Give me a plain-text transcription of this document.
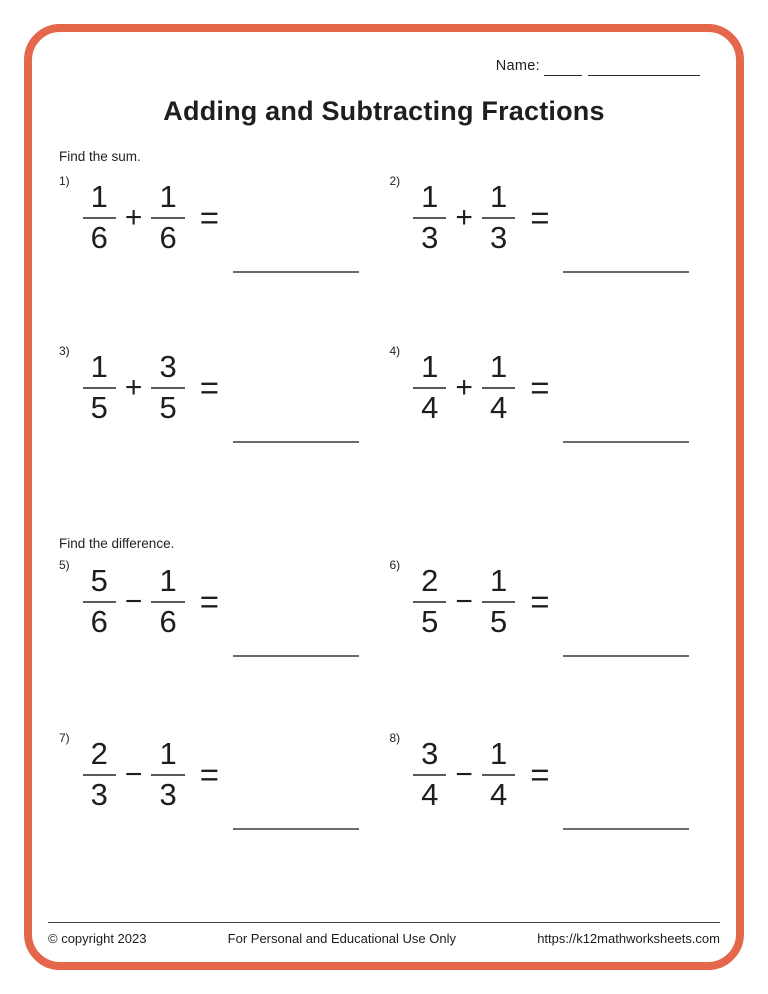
Name:
Adding and Subtracting Fractions
Find the sum.
1)
$\frac{1}{6} + \frac{1}{6}$ =
2)
$\frac{1}{3} + \frac{1}{3}$ =
3)
$\frac{1}{5} + \frac{3}{5}$ =
4)
$\frac{1}{4} + \frac{1}{4}$ =
Find the difference.
5)
$\frac{5}{6} - \frac{1}{6}$ =
6)
$\frac{2}{5} - \frac{1}{5}$ =
7)
$\frac{2}{3} - \frac{1}{3}$ =
8)
$\frac{3}{4} - \frac{1}{4}$ =
© copyright 2023	For Personal and Educational Use Only	https://k12mathworksheets.com
